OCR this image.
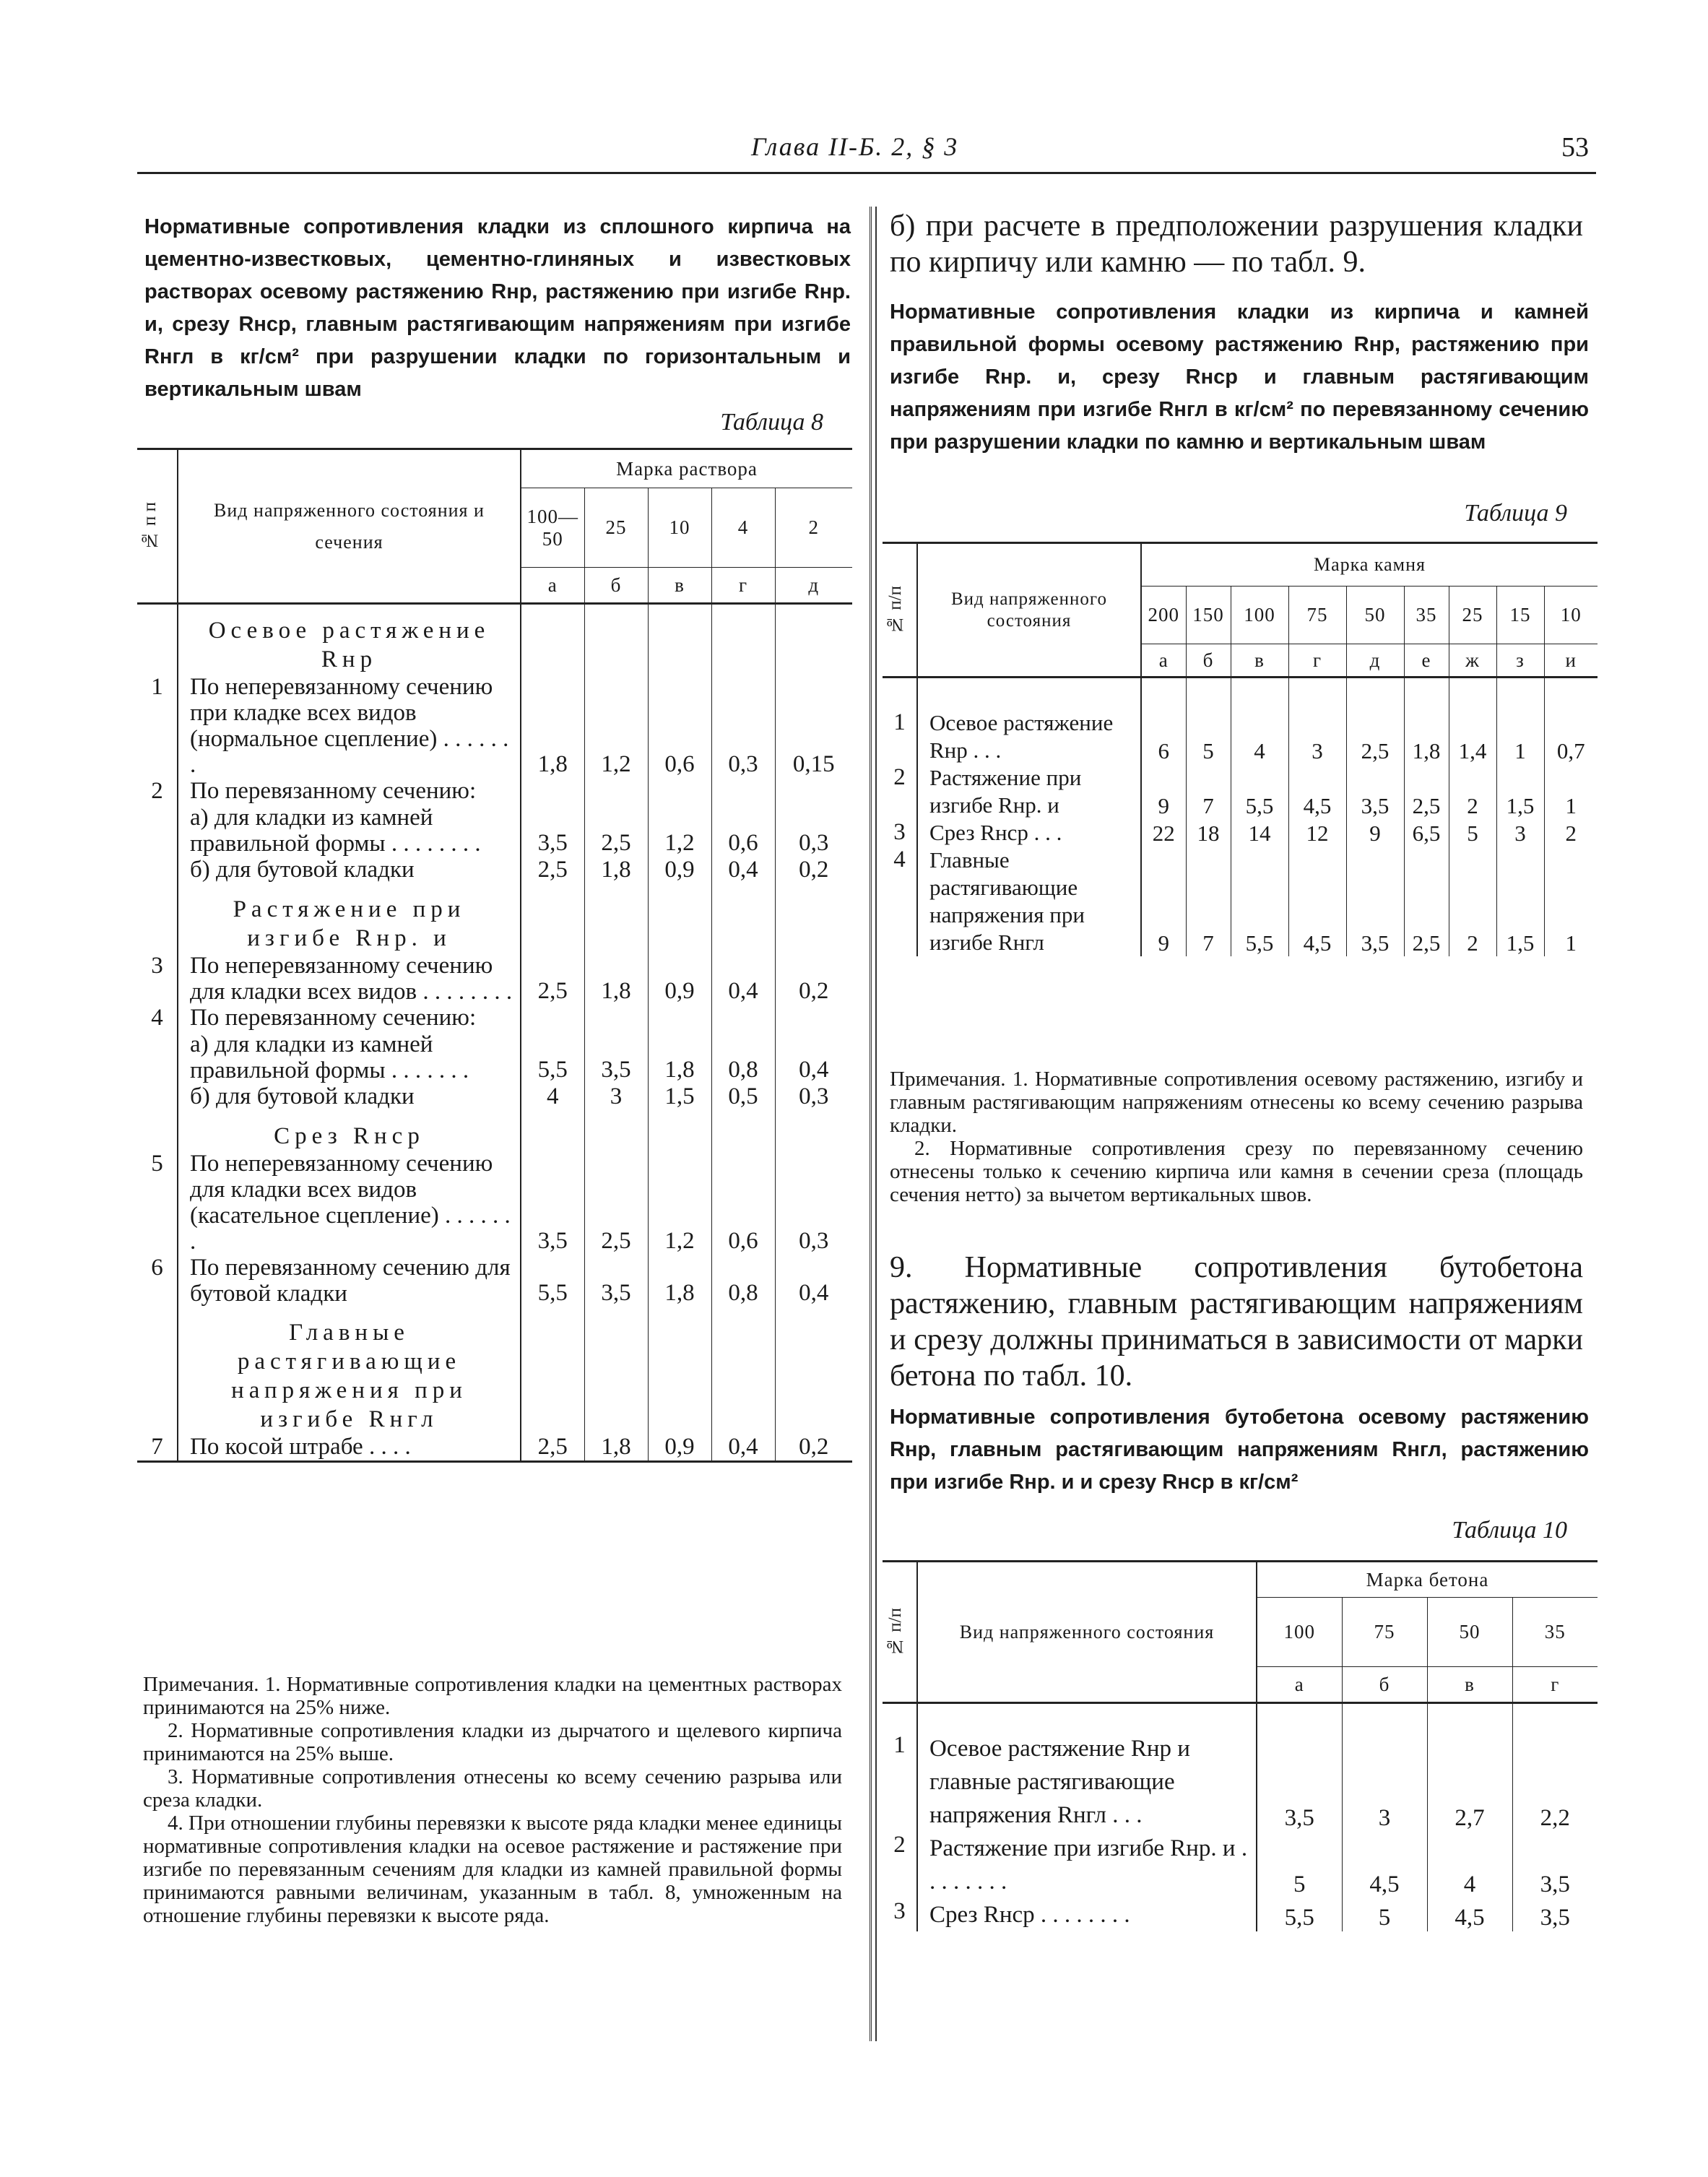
Глава II-Б. 2, § 3	53
Нормативные сопротивления кладки из сплошного кирпича на цементно-известковых, цементно-глиняных и известковых растворах осевому растяжению Rнр, растяжению при изгибе Rнр. и, срезу Rнср, главным растягивающим напряжениям при изгибе Rнгл в кг/см² при разрушении кладки по горизонтальным и вертикальным швам
Таблица 8
№ п п	Вид напряженного состояния и сечения	Марка раствора				
		100—50	25	10	4	2
		а	б	в	г	д
	Осевое растяжение Rнр					
1	По неперевязанному сечению при кладке всех видов (нормальное сцепление) . . . . . . .	1,8	1,2	0,6	0,3	0,15
2	По перевязанному сечению:					
	а) для кладки из камней правильной формы . . . . . . . .	3,5	2,5	1,2	0,6	0,3
	б) для бутовой кладки	2,5	1,8	0,9	0,4	0,2
	Растяжение при изгибе Rнр. и					
3	По неперевязанному сечению для кладки всех видов . . . . . . . .	2,5	1,8	0,9	0,4	0,2
4	По перевязанному сечению:					
	а) для кладки из камней правильной формы . . . . . . .	5,5	3,5	1,8	0,8	0,4
	б) для бутовой кладки	4	3	1,5	0,5	0,3
	Срез Rнср					
5	По неперевязанному сечению для кладки всех видов (касательное сцепление) . . . . . . .	3,5	2,5	1,2	0,6	0,3
6	По перевязанному сечению для бутовой кладки	5,5	3,5	1,8	0,8	0,4
	Главные растягивающие напряжения при изгибе Rнгл					
7	По косой штрабе . . . .	2,5	1,8	0,9	0,4	0,2

Примечания. 1. Нормативные сопротивления кладки на цементных растворах принимаются на 25% ниже.

2. Нормативные сопротивления кладки из дырчатого и щелевого кирпича принимаются на 25% выше.

3. Нормативные сопротивления отнесены ко всему сечению разрыва или среза кладки.

4. При отношении глубины перевязки к высоте ряда кладки менее единицы нормативные сопротивления кладки на осевое растяжение и растяжение при изгибе по перевязанным сечениям для кладки из камней правильной формы принимаются равными величинам, указанным в табл. 8, умноженным на отношение глубины перевязки к высоте ряда.

б) при расчете в предположении разрушения кладки по кирпичу или камню — по табл. 9.
Нормативные сопротивления кладки из кирпича и камней правильной формы осевому растяжению Rнр, растяжению при изгибе Rнр. и, срезу Rнср и главным растягивающим напряжениям при изгибе Rнгл в кг/см² по перевязанному сечению при разрушении кладки по камню и вертикальным швам
Таблица 9
№ п/п	Вид напряженного состояния	Марка камня								
		200	150	100	75	50	35	25	15	10
		а	б	в	г	д	е	ж	з	и

1	Осевое растяжение Rнр . . .	6	5	4	3	2,5	1,8	1,4	1	0,7
2	Растяжение при изгибе Rнр. и	9	7	5,5	4,5	3,5	2,5	2	1,5	1
3	Срез Rнср . . .	22	18	14	12	9	6,5	5	3	2
4	Главные растягивающие напряжения при изгибе Rнгл	9	7	5,5	4,5	3,5	2,5	2	1,5	1

Примечания. 1. Нормативные сопротивления осевому растяжению, изгибу и главным растягивающим напряжениям отнесены ко всему сечению разрыва кладки.

2. Нормативные сопротивления срезу по перевязанному сечению отнесены только к сечению кирпича или камня в сечении среза (площадь сечения нетто) за вычетом вертикальных швов.

9. Нормативные сопротивления бутобетона растяжению, главным растягивающим напряжениям и срезу должны приниматься в зависимости от марки бетона по табл. 10.
Нормативные сопротивления бутобетона осевому растяжению Rнр, главным растягивающим напряжениям Rнгл, растяжению при изгибе Rнр. и и срезу Rнср в кг/см²
Таблица 10
№ п/п	Вид напряженного состояния	Марка бетона			
		100	75	50	35
		а	б	в	г

1	Осевое растяжение Rнр и главные растягивающие напряжения Rнгл . . .	3,5	3	2,7	2,2
2	Растяжение при изгибе Rнр. и . . . . . . . .	5	4,5	4	3,5
3	Срез Rнср . . . . . . . .	5,5	5	4,5	3,5
